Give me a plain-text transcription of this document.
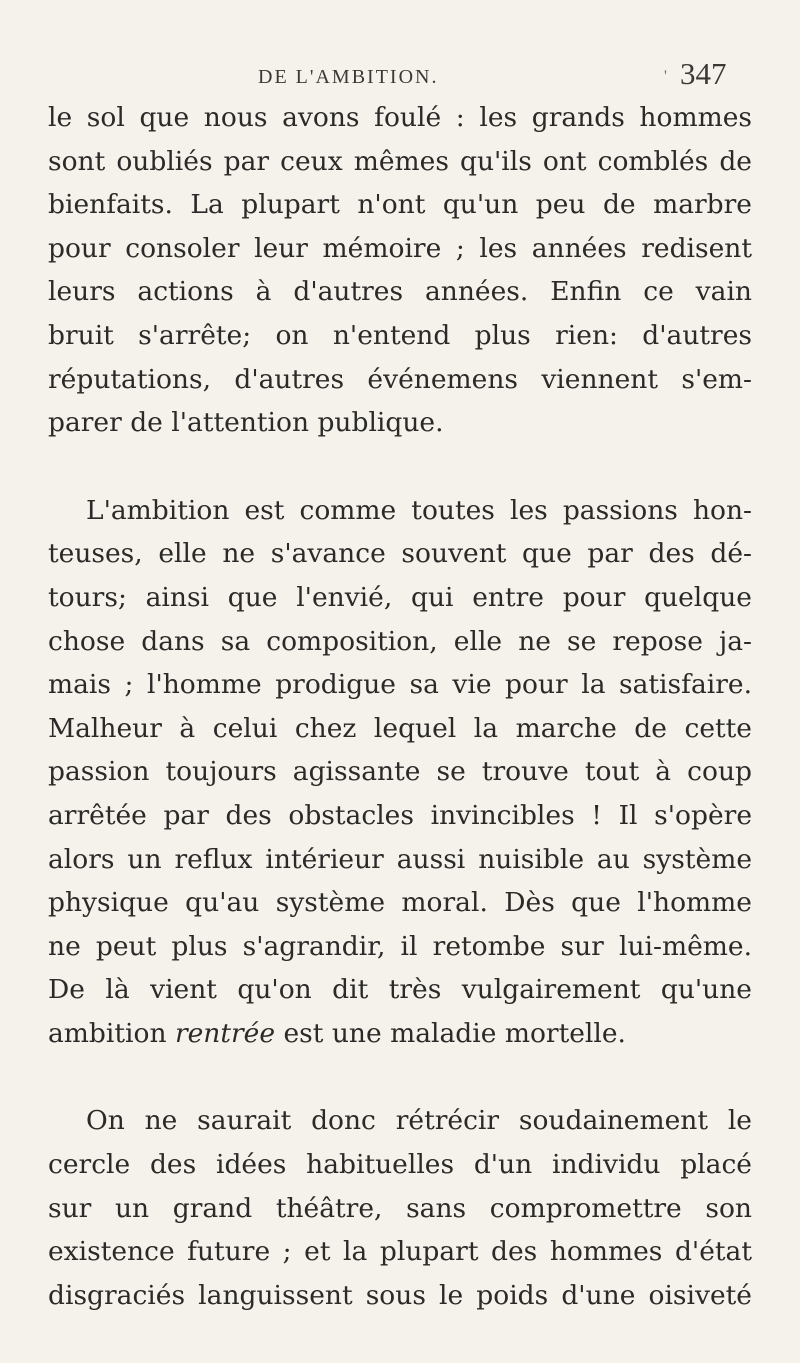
DE L'AMBITION.	' 347
le sol que nous avons foulé : les grands hommes
sont oubliés par ceux mêmes qu'ils ont comblés de
bienfaits. La plupart n'ont qu'un peu de marbre
pour consoler leur mémoire ; les années redisent
leurs actions à d'autres années. Enfin ce vain
bruit s'arrête; on n'entend plus rien: d'autres
réputations, d'autres événemens viennent s'em-
parer de l'attention publique.
L'ambition est comme toutes les passions hon-
teuses, elle ne s'avance souvent que par des dé-
tours; ainsi que l'envié, qui entre pour quelque
chose dans sa composition, elle ne se repose ja-
mais ; l'homme prodigue sa vie pour la satisfaire.
Malheur à celui chez lequel la marche de cette
passion toujours agissante se trouve tout à coup
arrêtée par des obstacles invincibles ! Il s'opère
alors un reflux intérieur aussi nuisible au système
physique qu'au système moral. Dès que l'homme
ne peut plus s'agrandir, il retombe sur lui-même.
De là vient qu'on dit très vulgairement qu'une
ambition rentrée est une maladie mortelle.
On ne saurait donc rétrécir soudainement le
cercle des idées habituelles d'un individu placé
sur un grand théâtre, sans compromettre son
existence future ; et la plupart des hommes d'état
disgraciés languissent sous le poids d'une oisiveté
